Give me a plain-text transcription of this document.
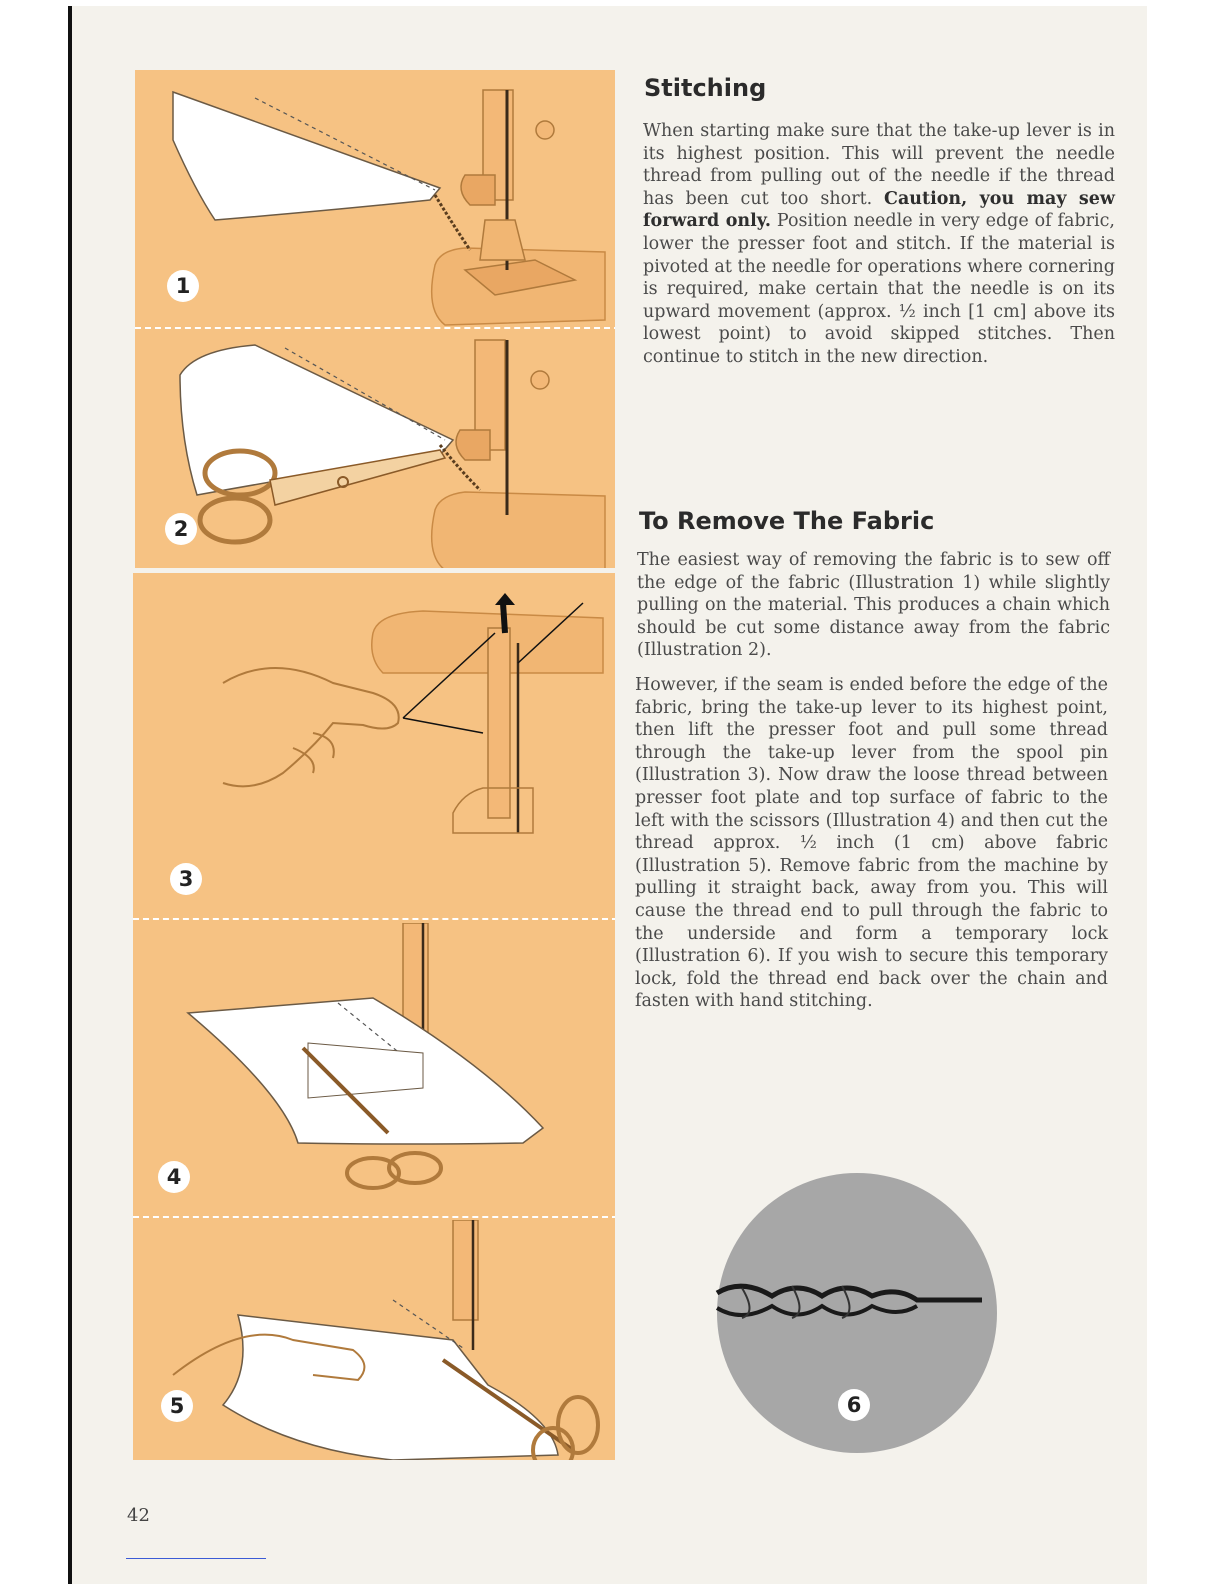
1
2
3
4
5
Stitching

When starting make sure that the take-up lever is in its highest position. This will prevent the needle thread from pulling out of the needle if the thread has been cut too short. Caution, you may sew forward only. Position needle in very edge of fabric, lower the presser foot and stitch. If the material is pivoted at the needle for operations where cornering is required, make certain that the needle is on its upward movement (approx. ½ inch [1 cm] above its lowest point) to avoid skipped stitches. Then continue to stitch in the new direction.

To Remove The Fabric

The easiest way of removing the fabric is to sew off the edge of the fabric (Illustration 1) while slightly pulling on the material. This produces a chain which should be cut some distance away from the fabric (Illustration 2).

However, if the seam is ended before the edge of the fabric, bring the take-up lever to its highest point, then lift the presser foot and pull some thread through the take-up lever from the spool pin (Illustration 3). Now draw the loose thread between presser foot plate and top surface of fabric to the left with the scissors (Illustration 4) and then cut the thread approx. ½ inch (1 cm) above fabric (Illustration 5). Remove fabric from the machine by pulling it straight back, away from you. This will cause the thread end to pull through the fabric to the underside and form a temporary lock (Illustration 6). If you wish to secure this temporary lock, fold the thread end back over the chain and fasten with hand stitching.

6
42
